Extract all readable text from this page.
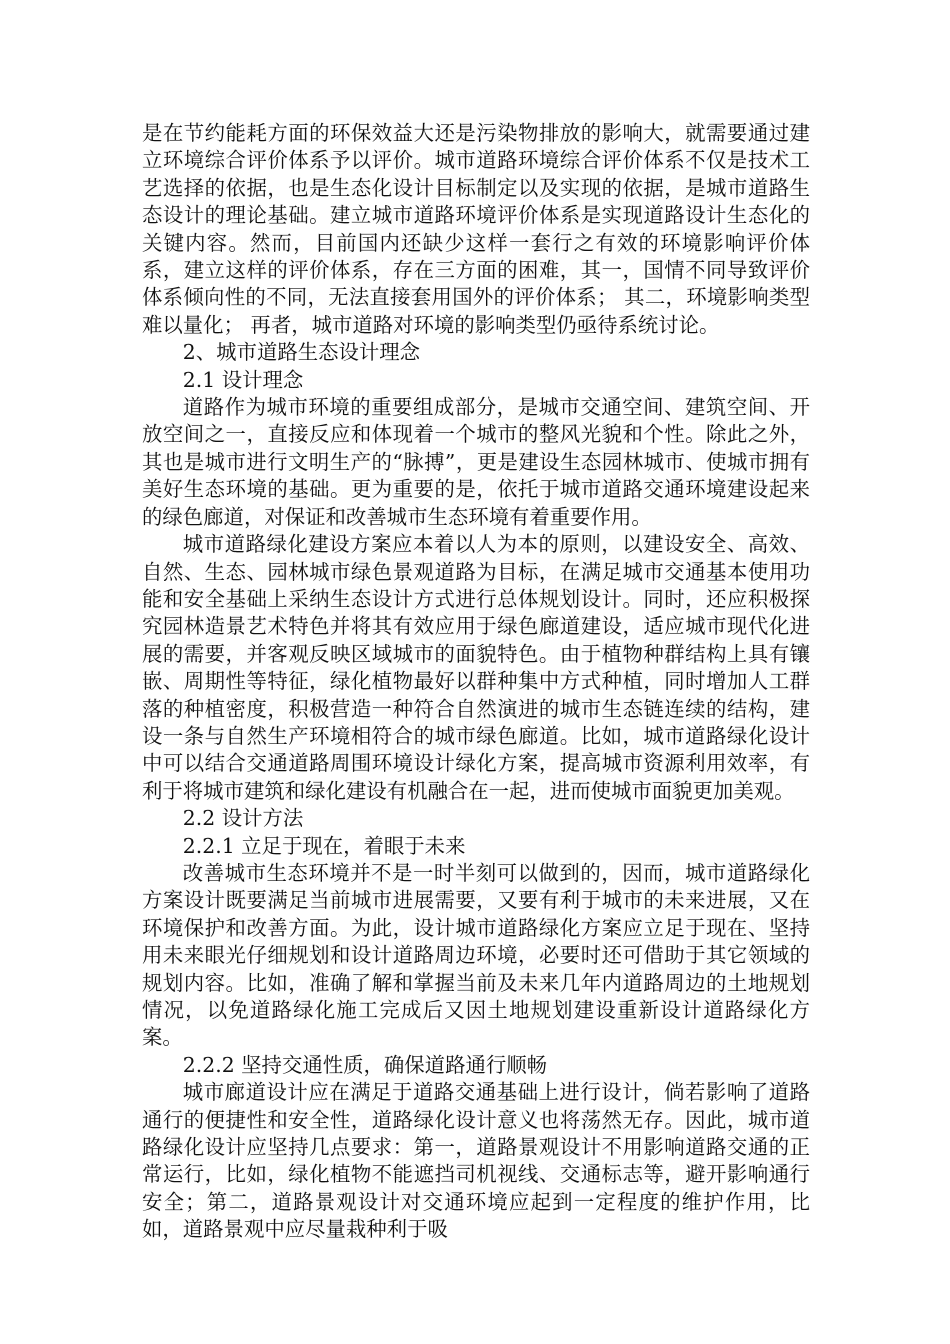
是在节约能耗方面的环保效益大还是污染物排放的影响大，就需要通过建立环境综合评价体系予以评价。城市道路环境综合评价体系不仅是技术工艺选择的依据，也是生态化设计目标制定以及实现的依据，是城市道路生态设计的理论基础。建立城市道路环境评价体系是实现道路设计生态化的关键内容。然而，目前国内还缺少这样一套行之有效的环境影响评价体系，建立这样的评价体系，存在三方面的困难，其一，国情不同导致评价体系倾向性的不同，无法直接套用国外的评价体系； 其二，环境影响类型难以量化； 再者，城市道路对环境的影响类型仍亟待系统讨论。

2、城市道路生态设计理念

2.1 设计理念

道路作为城市环境的重要组成部分，是城市交通空间、建筑空间、开放空间之一，直接反应和体现着一个城市的整风光貌和个性。除此之外，其也是城市进行文明生产的“脉搏”，更是建设生态园林城市、使城市拥有美好生态环境的基础。更为重要的是，依托于城市道路交通环境建设起来的绿色廊道，对保证和改善城市生态环境有着重要作用。

城市道路绿化建设方案应本着以人为本的原则，以建设安全、高效、自然、生态、园林城市绿色景观道路为目标，在满足城市交通基本使用功能和安全基础上采纳生态设计方式进行总体规划设计。同时，还应积极探究园林造景艺术特色并将其有效应用于绿色廊道建设，适应城市现代化进展的需要，并客观反映区域城市的面貌特色。由于植物种群结构上具有镶嵌、周期性等特征，绿化植物最好以群种集中方式种植，同时增加人工群落的种植密度，积极营造一种符合自然演进的城市生态链连续的结构，建设一条与自然生产环境相符合的城市绿色廊道。比如，城市道路绿化设计中可以结合交通道路周围环境设计绿化方案，提高城市资源利用效率，有利于将城市建筑和绿化建设有机融合在一起，进而使城市面貌更加美观。

2.2 设计方法

2.2.1 立足于现在，着眼于未来

改善城市生态环境并不是一时半刻可以做到的，因而，城市道路绿化方案设计既要满足当前城市进展需要，又要有利于城市的未来进展，又在环境保护和改善方面。为此，设计城市道路绿化方案应立足于现在、坚持用未来眼光仔细规划和设计道路周边环境，必要时还可借助于其它领域的规划内容。比如，准确了解和掌握当前及未来几年内道路周边的土地规划情况，以免道路绿化施工完成后又因土地规划建设重新设计道路绿化方案。

2.2.2 坚持交通性质，确保道路通行顺畅

城市廊道设计应在满足于道路交通基础上进行设计，倘若影响了道路通行的便捷性和安全性，道路绿化设计意义也将荡然无存。因此，城市道路绿化设计应坚持几点要求：第一，道路景观设计不用影响道路交通的正常运行，比如，绿化植物不能遮挡司机视线、交通标志等，避开影响通行安全；第二，道路景观设计对交通环境应起到一定程度的维护作用，比如，道路景观中应尽量栽种利于吸
